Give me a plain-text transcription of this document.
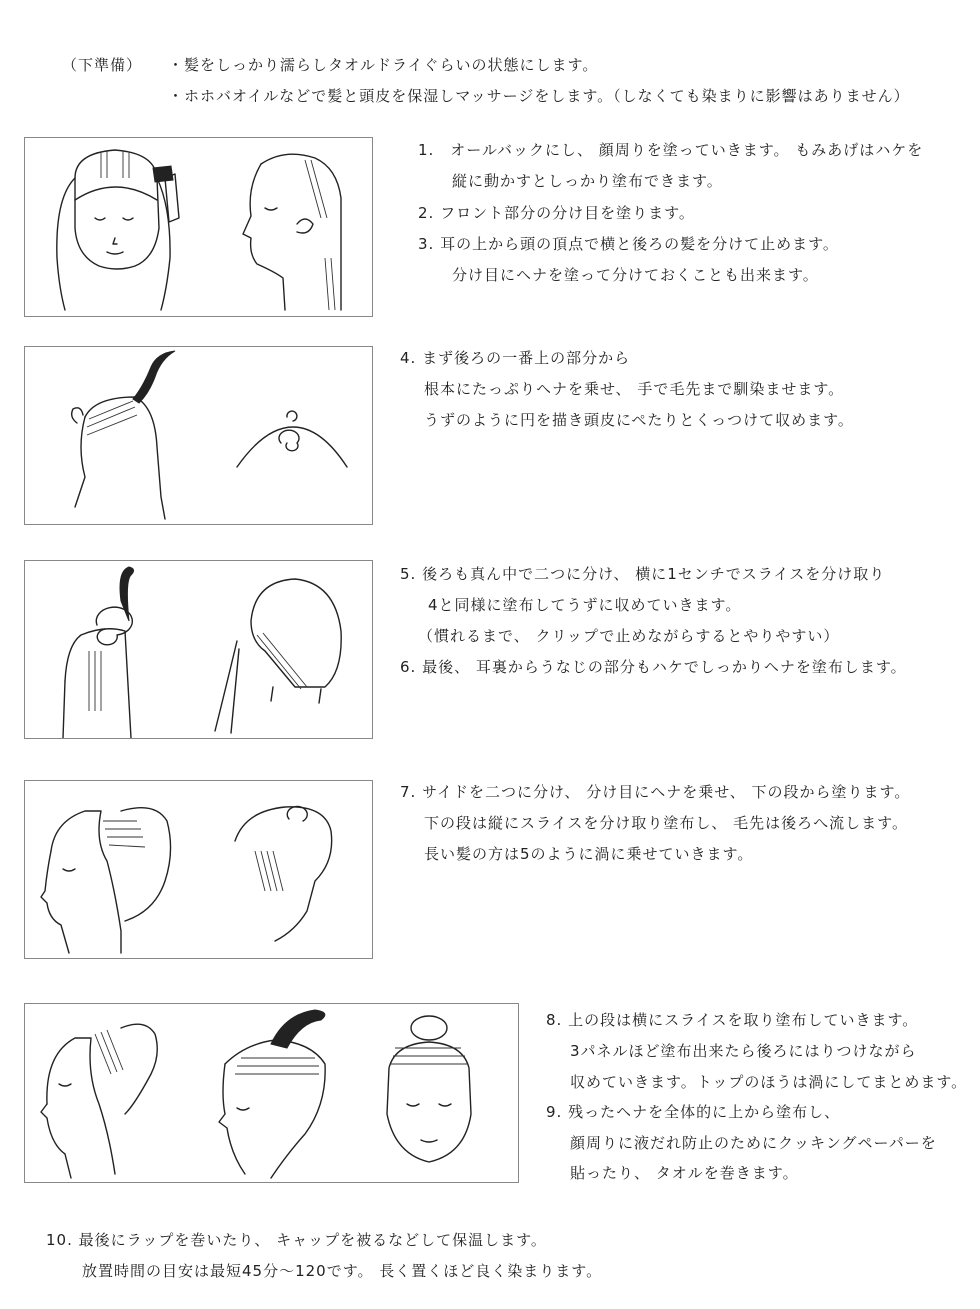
（下準備） ・髪をしっかり濡らしタオルドライぐらいの状態にします。
・ホホバオイルなどで髪と頭皮を保湿しマッサージをします。（しなくても染まりに影響はありません）
1.　オールバックにし、 顔周りを塗っていきます。 もみあげはハケを
縦に動かすとしっかり塗布できます。
2. フロント部分の分け目を塗ります。
3. 耳の上から頭の頂点で横と後ろの髪を分けて止めます。
分け目にヘナを塗って分けておくことも出来ます。
4. まず後ろの一番上の部分から
根本にたっぷりヘナを乗せ、 手で毛先まで馴染ませます。
うずのように円を描き頭皮にぺたりとくっつけて収めます。
5. 後ろも真ん中で二つに分け、 横に1センチでスライスを分け取り
4と同様に塗布してうずに収めていきます。
（慣れるまで、 クリップで止めながらするとやりやすい）
6. 最後、 耳裏からうなじの部分もハケでしっかりヘナを塗布します。
7. サイドを二つに分け、 分け目にヘナを乗せ、 下の段から塗ります。
下の段は縦にスライスを分け取り塗布し、 毛先は後ろへ流します。
長い髪の方は5のように渦に乗せていきます。
8. 上の段は横にスライスを取り塗布していきます。
3パネルほど塗布出来たら後ろにはりつけながら
収めていきます。トップのほうは渦にしてまとめます。
9. 残ったヘナを全体的に上から塗布し、
顔周りに液だれ防止のためにクッキングペーパーを
貼ったり、 タオルを巻きます。
10. 最後にラップを巻いたり、 キャップを被るなどして保温します。
放置時間の目安は最短45分～120です。 長く置くほど良く染まります。
